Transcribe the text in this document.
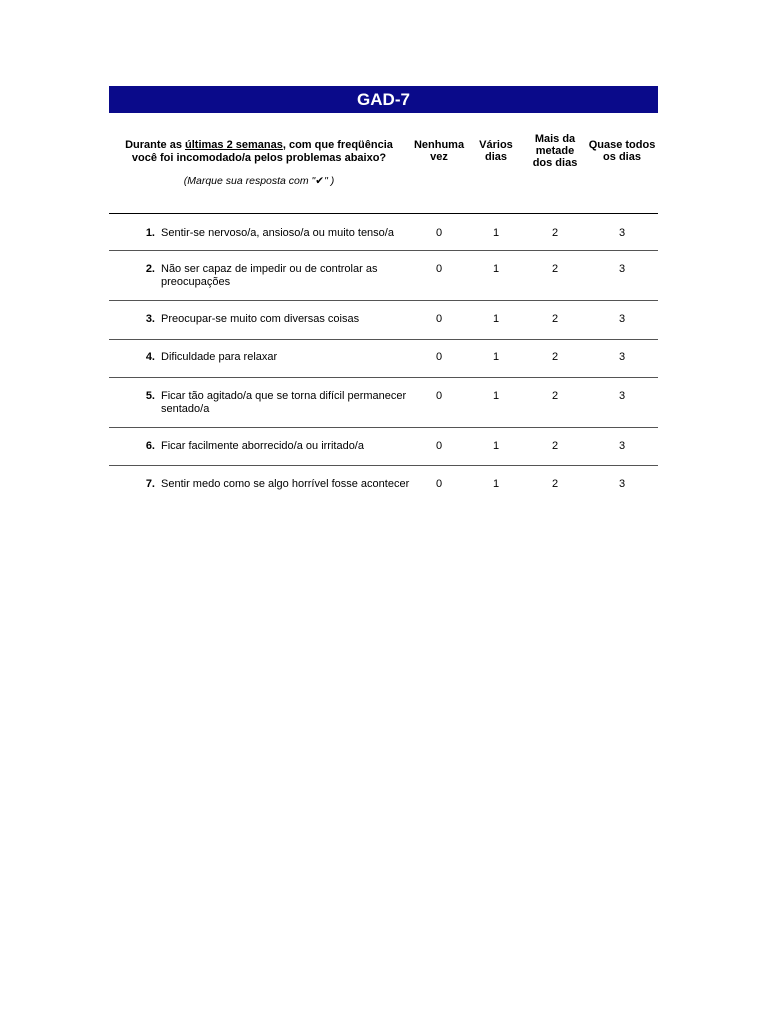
GAD-7
Durante as últimas 2 semanas, com que freqüência
você foi incomodado/a pelos problemas abaixo?
(Marque sua resposta com "✔" )
Nenhuma
vez
Vários
dias
Mais da
metade
dos dias
Quase todos
os dias
1. Sentir-se nervoso/a, ansioso/a ou muito tenso/a	0	1	2	3
2. Não ser capaz de impedir ou de controlar as
preocupações
0	1	2	3
3. Preocupar-se muito com diversas coisas	0	1	2	3
4. Dificuldade para relaxar	0	1	2	3
5. Ficar tão agitado/a que se torna difícil permanecer
sentado/a
0	1	2	3
6. Ficar facilmente aborrecido/a ou irritado/a	0	1	2	3
7. Sentir medo como se algo horrível fosse acontecer	0	1	2	3
